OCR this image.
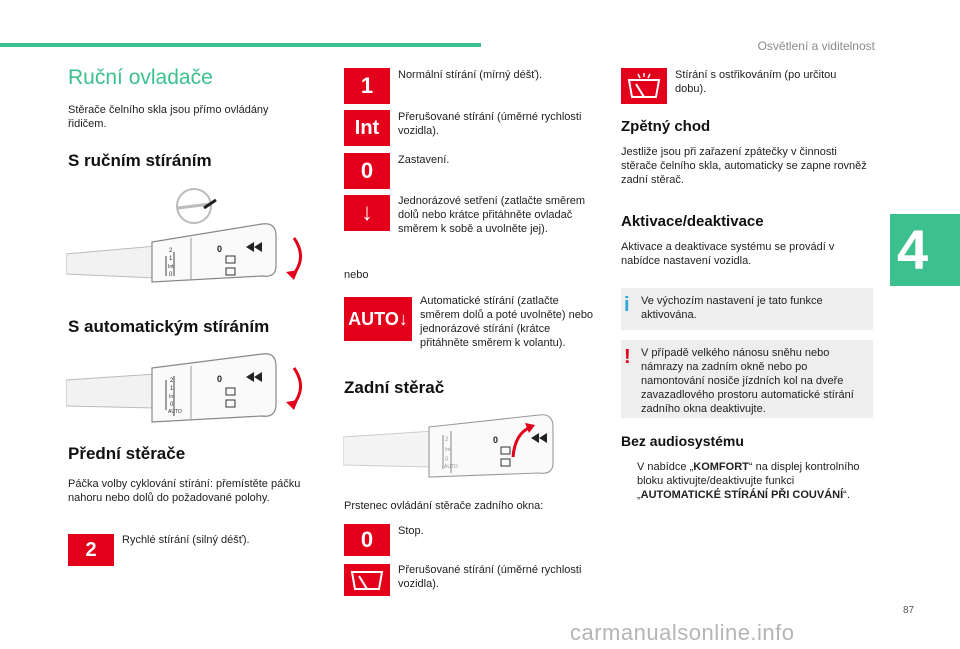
Osvětlení a viditelnost
4
Ruční ovladače
Stěrače čelního skla jsou přímo ovládány řidičem.
S ručním stíráním
2
1
Int
0
0
S automatickým stíráním
2
1
Int
0
AUTO
0
Přední stěrače
Páčka volby cyklování stírání: přemístěte páčku nahoru nebo dolů do požadované polohy.
2	Rychlé stírání (silný déšť).
1	Normální stírání (mírný déšť).
Int	Přerušované stírání (úměrné rychlosti vozidla).
0	Zastavení.
↓	Jednorázové setření (zatlačte směrem dolů nebo krátce přitáhněte ovladač směrem k sobě a uvolněte jej).
nebo
AUTO↓
Automatické stírání (zatlačte směrem dolů a poté uvolněte) nebo jednorázové stírání (krátce přitáhněte směrem k volantu).
Zadní stěrač
2
Int
0
AUTO
0
Prstenec ovládání stěrače zadního okna:
0	Stop.
Přerušované stírání (úměrné rychlosti vozidla).
Stírání s ostřikováním (po určitou dobu).
Zpětný chod
Jestliže jsou při zařazení zpátečky v činnosti stěrače čelního skla, automaticky se zapne rovněž zadní stěrač.
Aktivace/deaktivace
Aktivace a deaktivace systému se provádí v nabídce nastavení vozidla.
i Ve výchozím nastavení je tato funkce aktivována.
! V případě velkého nánosu sněhu nebo námrazy na zadním okně nebo po namontování nosiče jízdních kol na dveře zavazadlového prostoru automatické stírání zadního okna deaktivujte.
Bez audiosystému
V nabídce „KOMFORT“ na displej kontrolního bloku aktivujte/deaktivujte funkci „AUTOMATICKÉ STÍRÁNÍ PŘI COUVÁNÍ“.
87
carmanualsonline.info
